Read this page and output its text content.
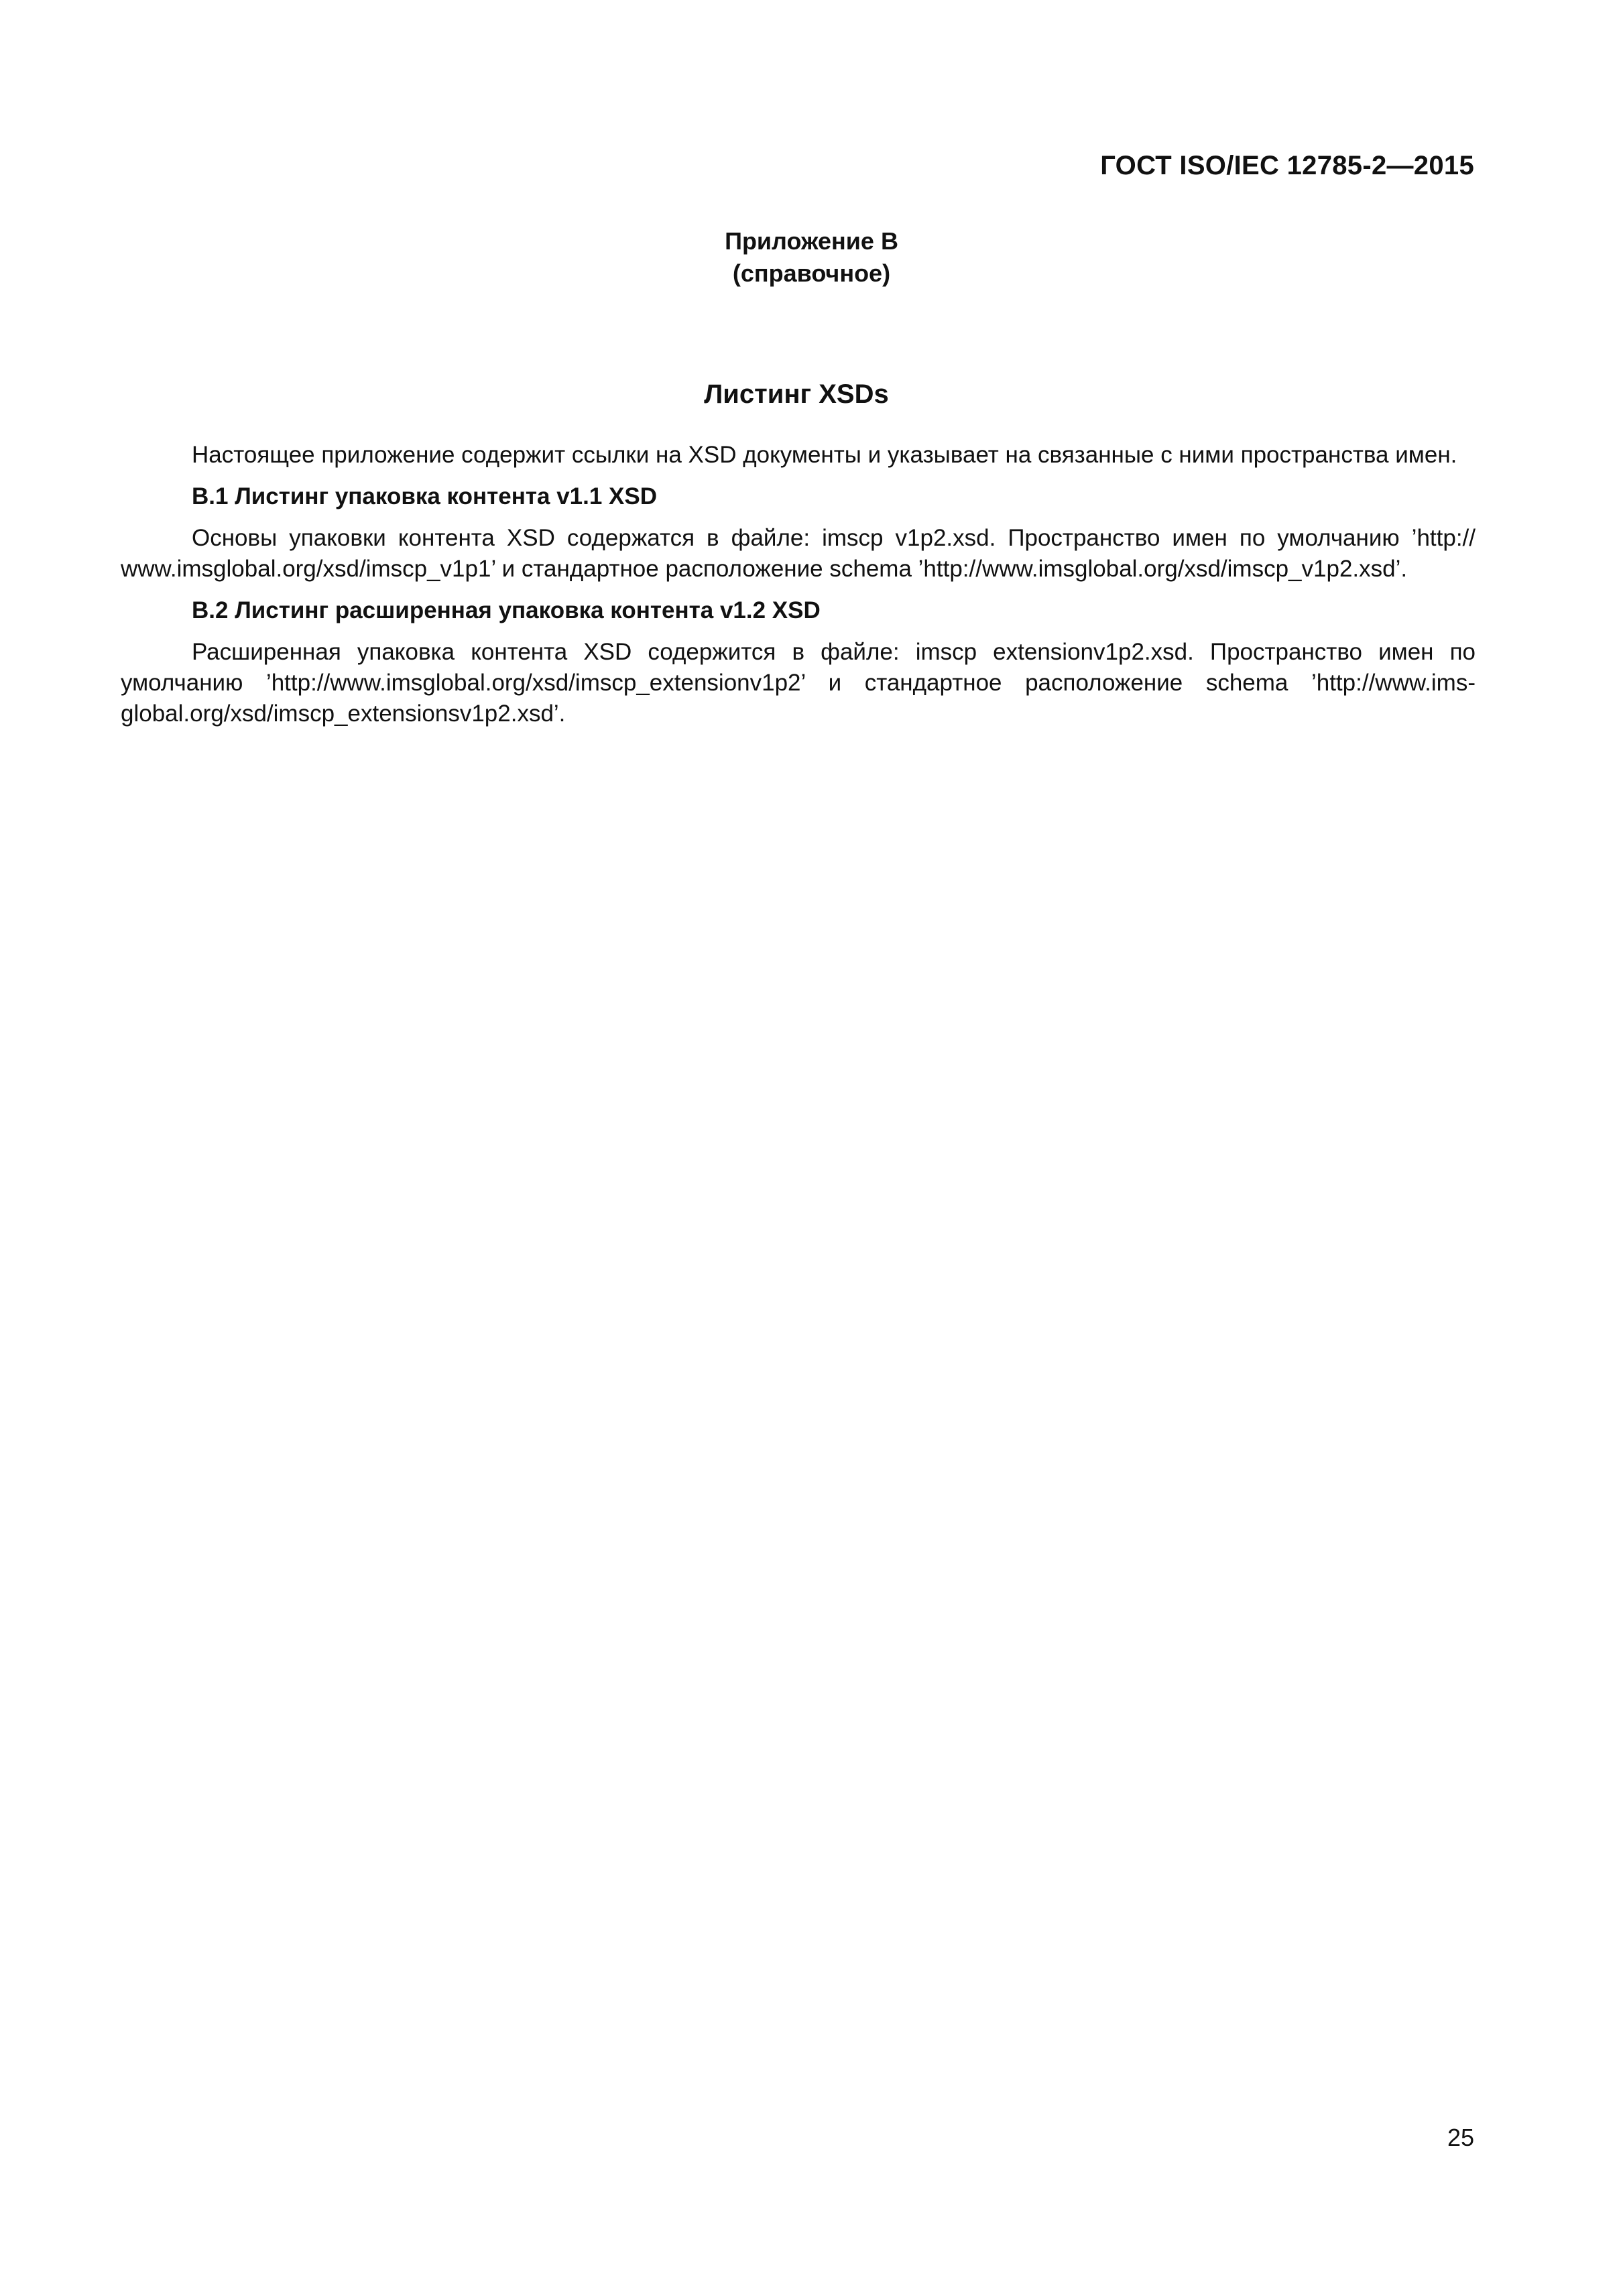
ГОСТ ISO/IEC 12785-2—2015
Приложение В
(справочное)
Листинг XSDs

Настоящее приложение содержит ссылки на XSD документы и указывает на связанные с ними пространства имен.

В.1 Листинг упаковка контента v1.1 XSD

Основы упаковки контента XSD содержатся в файле: imscp v1p2.xsd. Пространство имен по умолчанию ’http:// www.imsglobal.org/xsd/imscp_v1p1’ и стандартное расположение schema ’http://www.imsglobal.org/xsd/imscp_v1p2.xsd’.

В.2 Листинг расширенная упаковка контента v1.2 XSD

Расширенная упаковка контента XSD содержится в файле: imscp extensionv1p2.xsd. Пространство имен по умолчанию ’http://www.imsglobal.org/xsd/imscp_extensionv1p2’ и стандартное расположение schema ’http://www.ims-global.org/xsd/imscp_extensionsv1p2.xsd’.

25
